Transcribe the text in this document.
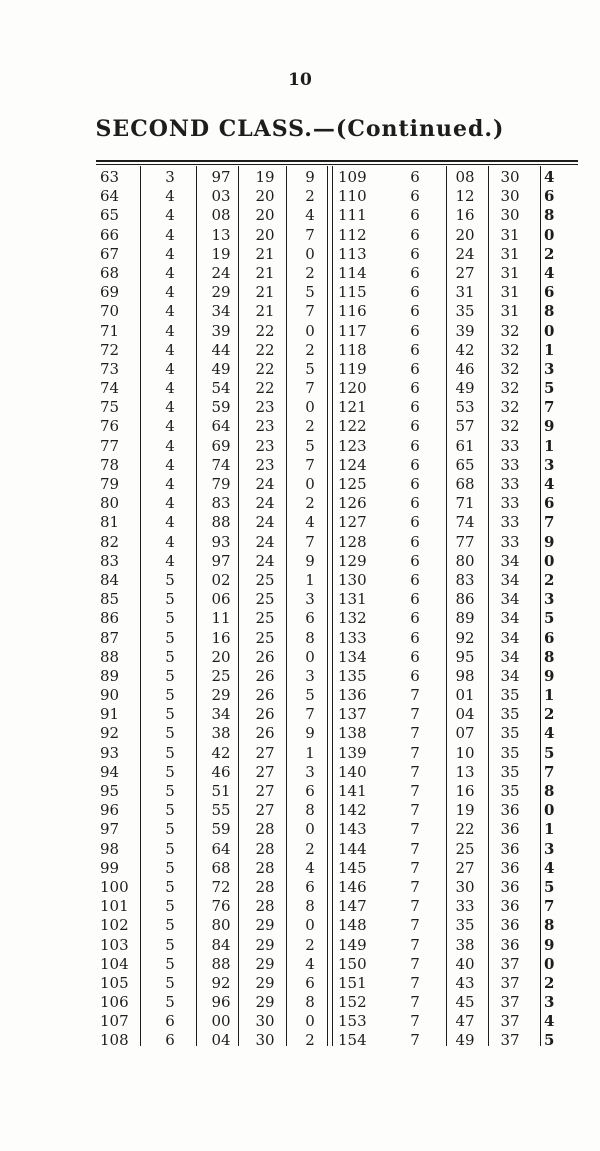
10
SECOND CLASS.—(Continued.)
63	3	97	19	9	109	6	08	30	4
64	4	03	20	2	110	6	12	30	6
65	4	08	20	4	111	6	16	30	8
66	4	13	20	7	112	6	20	31	0
67	4	19	21	0	113	6	24	31	2
68	4	24	21	2	114	6	27	31	4
69	4	29	21	5	115	6	31	31	6
70	4	34	21	7	116	6	35	31	8
71	4	39	22	0	117	6	39	32	0
72	4	44	22	2	118	6	42	32	1
73	4	49	22	5	119	6	46	32	3
74	4	54	22	7	120	6	49	32	5
75	4	59	23	0	121	6	53	32	7
76	4	64	23	2	122	6	57	32	9
77	4	69	23	5	123	6	61	33	1
78	4	74	23	7	124	6	65	33	3
79	4	79	24	0	125	6	68	33	4
80	4	83	24	2	126	6	71	33	6
81	4	88	24	4	127	6	74	33	7
82	4	93	24	7	128	6	77	33	9
83	4	97	24	9	129	6	80	34	0
84	5	02	25	1	130	6	83	34	2
85	5	06	25	3	131	6	86	34	3
86	5	11	25	6	132	6	89	34	5
87	5	16	25	8	133	6	92	34	6
88	5	20	26	0	134	6	95	34	8
89	5	25	26	3	135	6	98	34	9
90	5	29	26	5	136	7	01	35	1
91	5	34	26	7	137	7	04	35	2
92	5	38	26	9	138	7	07	35	4
93	5	42	27	1	139	7	10	35	5
94	5	46	27	3	140	7	13	35	7
95	5	51	27	6	141	7	16	35	8
96	5	55	27	8	142	7	19	36	0
97	5	59	28	0	143	7	22	36	1
98	5	64	28	2	144	7	25	36	3
99	5	68	28	4	145	7	27	36	4
100	5	72	28	6	146	7	30	36	5
101	5	76	28	8	147	7	33	36	7
102	5	80	29	0	148	7	35	36	8
103	5	84	29	2	149	7	38	36	9
104	5	88	29	4	150	7	40	37	0
105	5	92	29	6	151	7	43	37	2
106	5	96	29	8	152	7	45	37	3
107	6	00	30	0	153	7	47	37	4
108	6	04	30	2	154	7	49	37	5
